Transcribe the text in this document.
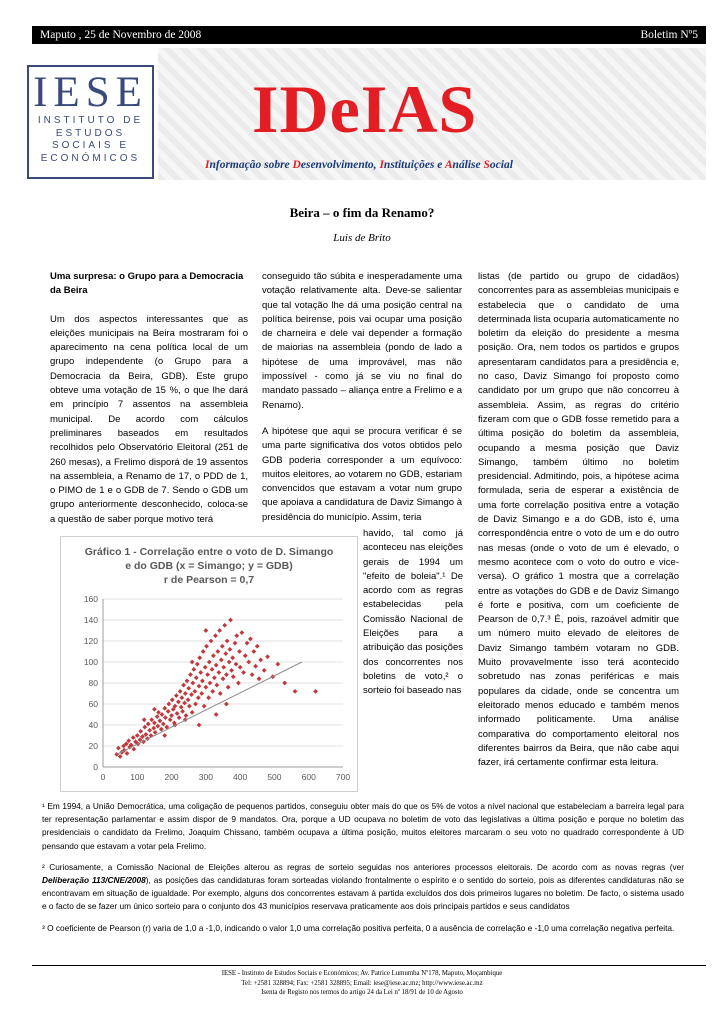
Maputo , 25 de Novembro de 2008	Boletim Nº5
IESE
INSTITUTO DE
ESTUDOS
SOCIAIS E
ECONÓMICOS
IDeIAS
Informação sobre Desenvolvimento, Instituições e Análise Social
Beira – o fim da Renamo?
Luis de Brito
Uma surpresa: o Grupo para a Democracia da Beira

Um dos aspectos interessantes que as eleições municipais na Beira mostraram foi o aparecimento na cena política local de um grupo independente (o Grupo para a Democracia da Beira, GDB). Este grupo obteve uma votação de 15 %, o que lhe dará em princípio 7 assentos na assembleia municipal. De acordo com cálculos preliminares baseados em resultados recolhidos pelo Observatório Eleitoral (251 de 260 mesas), a Frelimo disporá de 19 assentos na assembleia, a Renamo de 17, o PDD de 1, o PIMO de 1 e o GDB de 7. Sendo o GDB um grupo anteriormente desconhecido, coloca-se a questão de saber porque motivo terá

conseguido tão súbita e inesperadamente uma votação relativamente alta. Deve-se salientar que tal votação lhe dá uma posição central na política beirense, pois vai ocupar uma posição de charneira e dele vai depender a formação de maiorias na assembleia (pondo de lado a hipótese de uma improvável, mas não impossível - como já se viu no final do mandato passado – aliança entre a Frelimo e a Renamo).

A hipótese que aqui se procura verificar é se uma parte significativa dos votos obtidos pelo GDB poderia corresponder a um equívoco: muitos eleitores, ao votarem no GDB, estariam convencidos que estavam a votar num grupo que apoiava a candidatura de Daviz Simango à presidência do município. Assim, teria

havido, tal como já aconteceu nas eleições gerais de 1994 um "efeito de boleia".¹ De acordo com as regras estabelecidas pela Comissão Nacional de Eleições para a atribuição das posições dos concorrentes nos boletins de voto,² o sorteio foi baseado nas

listas (de partido ou grupo de cidadãos) concorrentes para as assembleias municipais e estabelecia que o candidato de uma determinada lista ocuparia automaticamente no boletim da eleição do presidente a mesma posição. Ora, nem todos os partidos e grupos apresentaram candidatos para a presidência e, no caso, Daviz Simango foi proposto como candidato por um grupo que não concorreu à assembleia. Assim, as regras do critério fizeram com que o GDB fosse remetido para a última posição do boletim da assembleia, ocupando a mesma posição que Daviz Simango, também último no boletim presidencial. Admitindo, pois, a hipótese acima formulada, seria de esperar a existência de uma forte correlação positiva entre a votação de Daviz Simango e a do GDB, isto é, uma correspondência entre o voto de um e do outro nas mesas (onde o voto de um é elevado, o mesmo acontece com o voto do outro e vice-versa). O gráfico 1 mostra que a correlação entre as votações do GDB e de Daviz Simango é forte e positiva, com um coeficiente de Pearson de 0,7.³ É, pois, razoável admitir que um número muito elevado de eleitores de Daviz Simango também votaram no GDB. Muito provavelmente isso terá acontecido sobretudo nas zonas periféricas e mais populares da cidade, onde se concentra um eleitorado menos educado e também menos informado politicamente. Uma análise comparativa do comportamento eleitoral nos diferentes bairros da Beira, que não cabe aqui fazer, irá certamente confirmar esta leitura.

Gráfico 1 - Correlação entre o voto de D. Simango
e do GDB (x = Simango; y = GDB)
r de Pearson = 0,7
0
20
40
60
80
100
120
140
160
0	100 200 300 400 500 600 700

¹ Em 1994, a União Democrática, uma coligação de pequenos partidos, conseguiu obter mais do que os 5% de votos a nível nacional que estabeleciam a barreira legal para ter representação parlamentar e assim dispor de 9 mandatos. Ora, porque a UD ocupava no boletim de voto das legislativas a última posição e porque no boletim das presidenciais o candidato da Frelimo, Joaquim Chissano, também ocupava a última posição, muitos eleitores marcaram o seu voto no quadrado correspondente à UD pensando que estavam a votar pela Frelimo.

² Curiosamente, a Comissão Nacional de Eleições alterou as regras de sorteio seguidas nos anteriores processos eleitorais. De acordo com as novas regras (ver Deliberação 113/CNE/2008), as posições das candidaturas foram sorteadas violando frontalmente o espírito e o sentido do sorteio, pois as diferentes candidaturas não se encontravam em situação de igualdade. Por exemplo, alguns dos concorrentes estavam à partida excluídos dos dois primeiros lugares no boletim. De facto, o sistema usado e o facto de se fazer um único sorteio para o conjunto dos 43 municípios reservava praticamente aos dois principais partidos e seus candidatos

³ O coeficiente de Pearson (r) varia de 1,0 a -1,0, indicando o valor 1,0 uma correlação positiva perfeita, 0 a ausência de correlação e -1,0 uma correlação negativa perfeita.

IESE - Instituto de Estudos Sociais e Económicos; Av. Patrice Lumumba Nº178, Maputo, Moçambique
Tel: +2581 328894; Fax: +2581 328895; Email: iese@iese.ac.mz; http://www.iese.ac.mz
Isenta de Registo nos termos do artigo 24 da Lei nº 18/91 de 10 de Agosto
